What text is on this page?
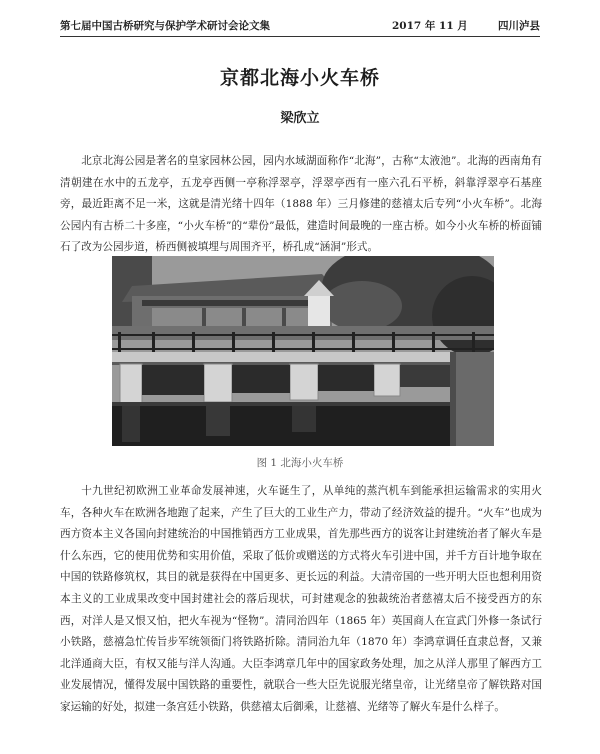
第七届中国古桥研究与保护学术研讨会论文集	2017 年 11 月	四川泸县
京都北海小火车桥
梁欣立

北京北海公园是著名的皇家园林公园，园内水域湖面称作“北海”，古称“太液池”。北海的西南角有清朝建在水中的五龙亭，五龙亭西侧一亭称浮翠亭，浮翠亭西有一座六孔石平桥，斜靠浮翠亭石基座旁，最近距离不足一米，这就是清光绪十四年（1888 年）三月修建的慈禧太后专列“小火车桥”。北海公园内有古桥二十多座，“小火车桥”的“辈份”最低，建造时间最晚的一座古桥。如今小火车桥的桥面铺石了改为公园步道，桥西侧被填埋与周围齐平，桥孔成“涵洞”形式。

图 1 北海小火车桥

十九世纪初欧洲工业革命发展神速，火车诞生了，从单纯的蒸汽机车到能承担运输需求的实用火车，各种火车在欧洲各地跑了起来，产生了巨大的工业生产力，带动了经济效益的提升。“火车”也成为西方资本主义各国向封建统治的中国推销西方工业成果，首先那些西方的说客让封建统治者了解火车是什么东西，它的使用优势和实用价值，采取了低价或赠送的方式将火车引进中国，并千方百计地争取在中国的铁路修筑权，其目的就是获得在中国更多、更长远的利益。大清帝国的一些开明大臣也想利用资本主义的工业成果改变中国封建社会的落后现状，可封建观念的独裁统治者慈禧太后不接受西方的东西，对洋人是又恨又怕，把火车视为“怪物”。清同治四年（1865 年）英国商人在宣武门外修一条试行小铁路，慈禧急忙传旨步军统领衙门将铁路折除。清同治九年（1870 年）李鸿章调任直隶总督，又兼北洋通商大臣，有权又能与洋人沟通。大臣李鸿章几年中的国家政务处理，加之从洋人那里了解西方工业发展情况，懂得发展中国铁路的重要性，就联合一些大臣先说服光绪皇帝，让光绪皇帝了解铁路对国家运输的好处，拟建一条宫廷小铁路，供慈禧太后御乘，让慈禧、光绪等了解火车是什么样子。
